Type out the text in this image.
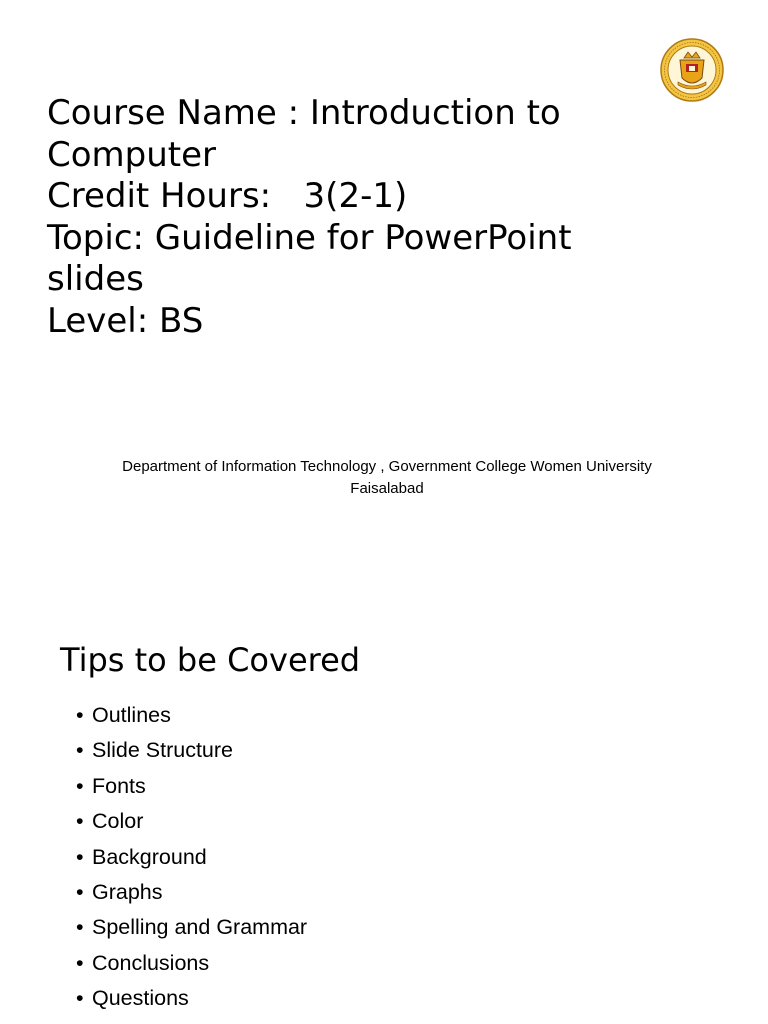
Course Name : Introduction to
Computer
Credit Hours:   3(2-1)
Topic: Guideline for PowerPoint
slides
Level: BS
Department of Information Technology , Government College Women University
Faisalabad
Tips to be Covered
• Outlines
• Slide Structure
• Fonts
• Color
• Background
• Graphs
• Spelling and Grammar
• Conclusions
• Questions
